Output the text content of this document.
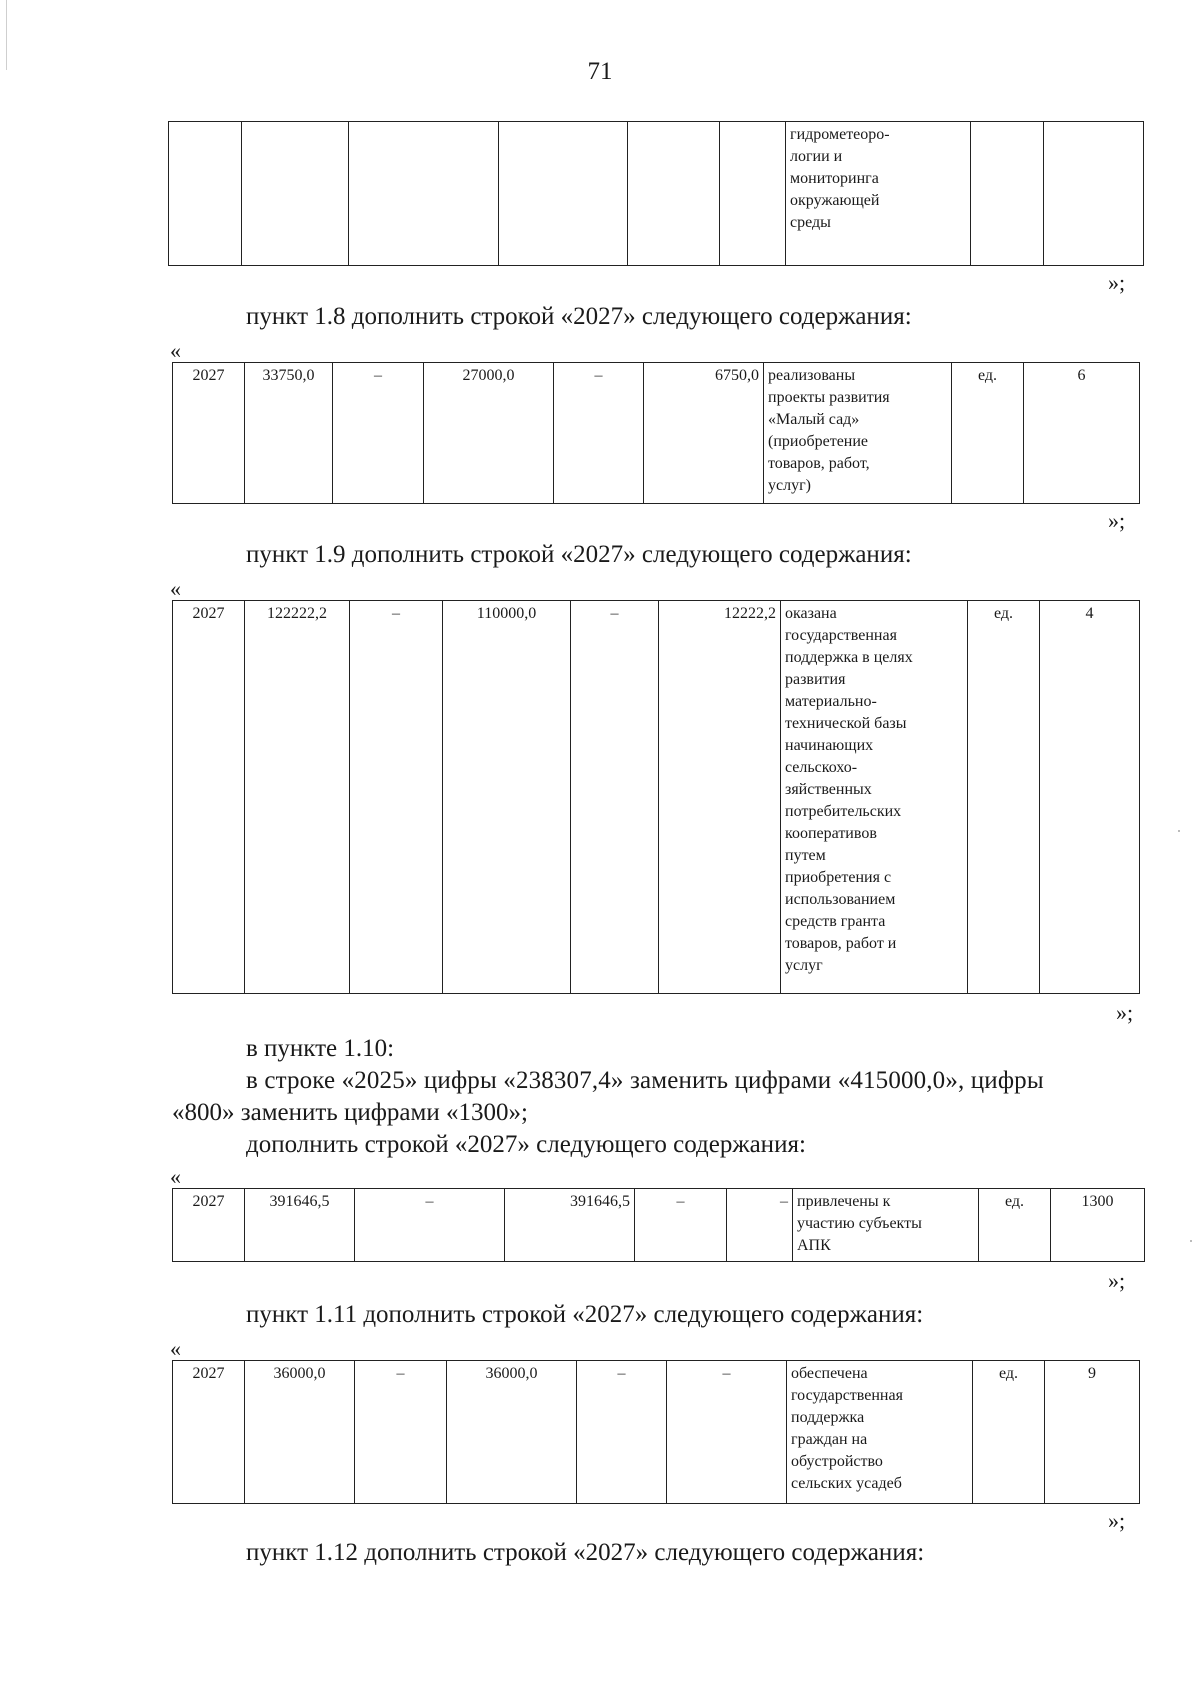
71

гидрометеоро-
логии и
мониторинга
окружающей
среды

»;
пункт 1.8 дополнить строкой «2027» следующего содержания:
«
2027	33750,0	–	27000,0	–	6750,0	реализованы
проекты развития
«Малый сад»
(приобретение
товаров, работ,
услуг)
	ед.	6
»;
пункт 1.9 дополнить строкой «2027» следующего содержания:
«
2027	122222,2	–	110000,0	–	12222,2	оказана
государственная
поддержка в целях
развития
материально-
технической базы
начинающих
сельскохо-
зяйственных
потребительских
кооперативов
путем
приобретения с
использованием
средств гранта
товаров, работ и
услуг
	ед.	4
»;
в пункте 1.10:
в строке «2025» цифры «238307,4» заменить цифрами «415000,0», цифры
«800» заменить цифрами «1300»;
дополнить строкой «2027» следующего содержания:
«
2027	391646,5	–	391646,5	–	–	привлечены к
участию субъекты
АПК
	ед.	1300
»;
пункт 1.11 дополнить строкой «2027» следующего содержания:
«
2027	36000,0	–	36000,0	–	–	обеспечена
государственная
поддержка
граждан на
обустройство
сельских усадеб
	ед.	9
»;
пункт 1.12 дополнить строкой «2027» следующего содержания:
